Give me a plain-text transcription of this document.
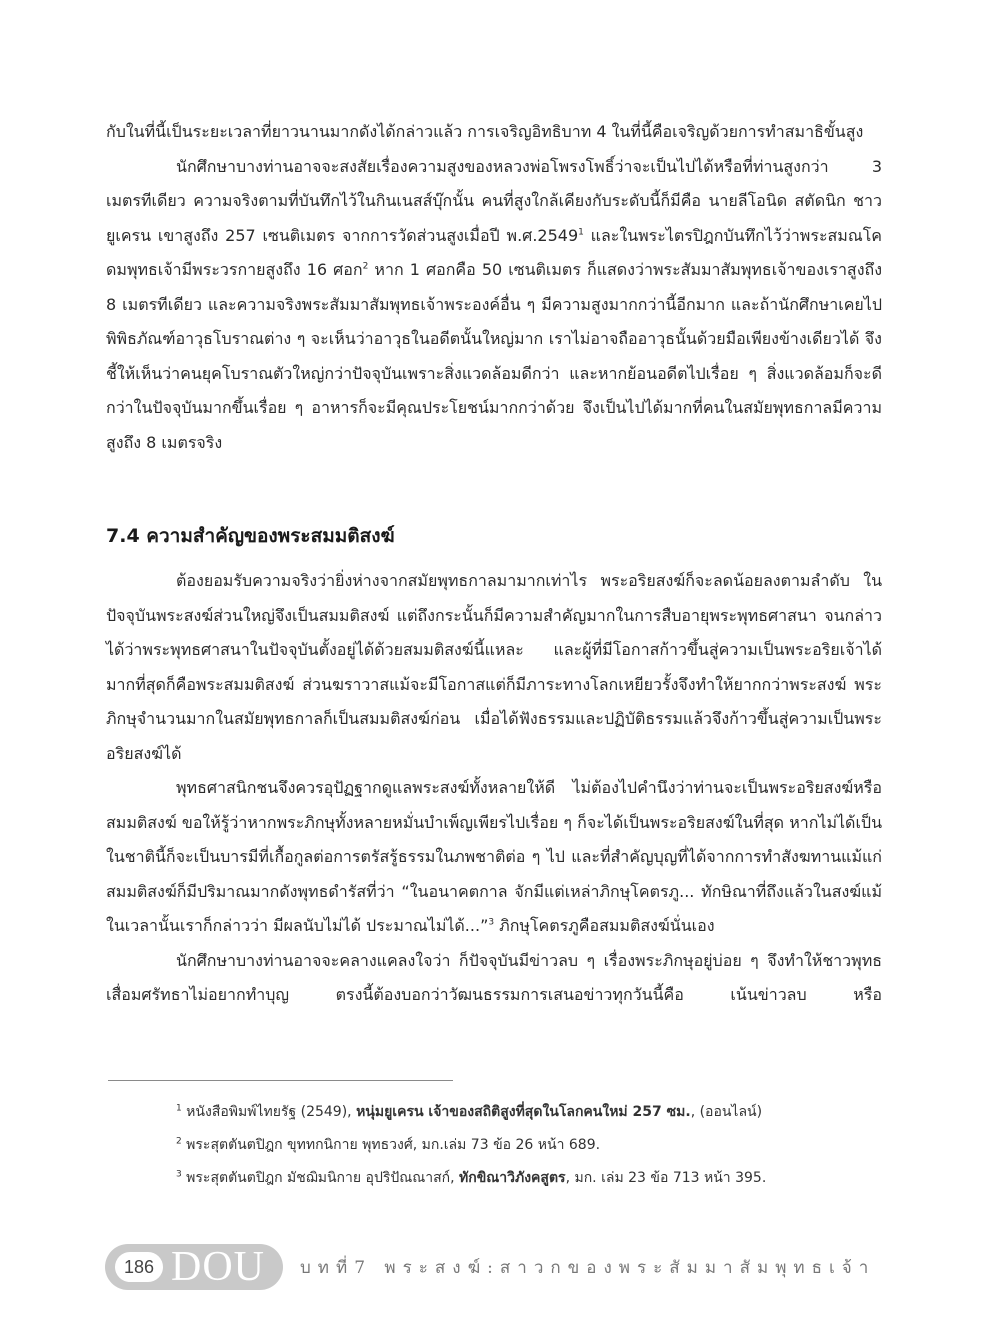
กับในที่นี้เป็นระยะเวลาที่ยาวนานมากดังได้กล่าวแล้ว การเจริญอิทธิบาท 4 ในที่นี้คือเจริญด้วยการทำสมาธิขั้นสูง

นักศึกษาบางท่านอาจจะสงสัยเรื่องความสูงของหลวงพ่อโพรงโพธิ์ว่าจะเป็นไปได้หรือที่ท่านสูงกว่า 3 เมตรทีเดียว ความจริงตามที่บันทึกไว้ในกินเนสส์บุ๊กนั้น คนที่สูงใกล้เคียงกับระดับนี้ก็มีคือ นายลีโอนิด สตัดนิก ชาวยูเครน เขาสูงถึง 257 เซนติเมตร จากการวัดส่วนสูงเมื่อปี พ.ศ.2549$^1$ และในพระไตรปิฎกบันทึกไว้ว่าพระสมณโคดมพุทธเจ้ามีพระวรกายสูงถึง 16 ศอก$^2$ หาก 1 ศอกคือ 50 เซนติเมตร ก็แสดงว่าพระสัมมาสัมพุทธเจ้าของเราสูงถึง 8 เมตรทีเดียว และความจริงพระสัมมาสัมพุทธเจ้าพระองค์อื่น ๆ มีความสูงมากกว่านี้อีกมาก และถ้านักศึกษาเคยไปพิพิธภัณฑ์อาวุธโบราณต่าง ๆ จะเห็นว่าอาวุธในอดีตนั้นใหญ่มาก เราไม่อาจถืออาวุธนั้นด้วยมือเพียงข้างเดียวได้ จึงชี้ให้เห็นว่าคนยุคโบราณตัวใหญ่กว่าปัจจุบันเพราะสิ่งแวดล้อมดีกว่า และหากย้อนอดีตไปเรื่อย ๆ สิ่งแวดล้อมก็จะดีกว่าในปัจจุบันมากขึ้นเรื่อย ๆ อาหารก็จะมีคุณประโยชน์มากกว่าด้วย จึงเป็นไปได้มากที่คนในสมัยพุทธกาลมีความสูงถึง 8 เมตรจริง

7.4 ความสำคัญของพระสมมติสงฆ์

ต้องยอมรับความจริงว่ายิ่งห่างจากสมัยพุทธกาลมามากเท่าไร พระอริยสงฆ์ก็จะลดน้อยลงตามลำดับ ในปัจจุบันพระสงฆ์ส่วนใหญ่จึงเป็นสมมติสงฆ์ แต่ถึงกระนั้นก็มีความสำคัญมากในการสืบอายุพระพุทธศาสนา จนกล่าวได้ว่าพระพุทธศาสนาในปัจจุบันตั้งอยู่ได้ด้วยสมมติสงฆ์นี้แหละ และผู้ที่มีโอกาสก้าวขึ้นสู่ความเป็นพระอริยเจ้าได้มากที่สุดก็คือพระสมมติสงฆ์ ส่วนฆราวาสแม้จะมีโอกาสแต่ก็มีภาระทางโลกเหยียวรั้งจึงทำให้ยากกว่าพระสงฆ์ พระภิกษุจำนวนมากในสมัยพุทธกาลก็เป็นสมมติสงฆ์ก่อน เมื่อได้ฟังธรรมและปฏิบัติธรรมแล้วจึงก้าวขึ้นสู่ความเป็นพระอริยสงฆ์ได้

พุทธศาสนิกชนจึงควรอุปัฏฐากดูแลพระสงฆ์ทั้งหลายให้ดี ไม่ต้องไปคำนึงว่าท่านจะเป็นพระอริยสงฆ์หรือสมมติสงฆ์ ขอให้รู้ว่าหากพระภิกษุทั้งหลายหมั่นบำเพ็ญเพียรไปเรื่อย ๆ ก็จะได้เป็นพระอริยสงฆ์ในที่สุด หากไม่ได้เป็นในชาตินี้ก็จะเป็นบารมีที่เกื้อกูลต่อการตรัสรู้ธรรมในภพชาติต่อ ๆ ไป และที่สำคัญบุญที่ได้จากการทำสังฆทานแม้แก่สมมติสงฆ์ก็มีปริมาณมากดังพุทธดำรัสที่ว่า “ในอนาคตกาล จักมีแต่เหล่าภิกษุโคตรภู... ทักษิณาที่ถึงแล้วในสงฆ์แม้ในเวลานั้นเราก็กล่าวว่า มีผลนับไม่ได้ ประมาณไม่ได้...”$^3$ ภิกษุโคตรภูคือสมมติสงฆ์นั่นเอง

นักศึกษาบางท่านอาจจะคลางแคลงใจว่า ก็ปัจจุบันมีข่าวลบ ๆ เรื่องพระภิกษุอยู่บ่อย ๆ จึงทำให้ชาวพุทธเสื่อมศรัทธาไม่อยากทำบุญ ตรงนี้ต้องบอกว่าวัฒนธรรมการเสนอข่าวทุกวันนี้คือ เน้นข่าวลบ หรือ

$^1$ หนังสือพิมพ์ไทยรัฐ (2549), หนุ่มยูเครน เจ้าของสถิติสูงที่สุดในโลกคนใหม่ 257 ซม., (ออนไลน์)

$^2$ พระสุตตันตปิฎก ขุททกนิกาย พุทธวงศ์, มก.เล่ม 73 ข้อ 26 หน้า 689.

$^3$ พระสุตตันตปิฎก มัชฌิมนิกาย อุปริปัณณาสก์, ทักขิณาวิภังคสูตร, มก. เล่ม 23 ข้อ 713 หน้า 395.

186 DOU บทที่7 พระสงฆ์:สาวกของพระสัมมาสัมพุทธเจ้า
